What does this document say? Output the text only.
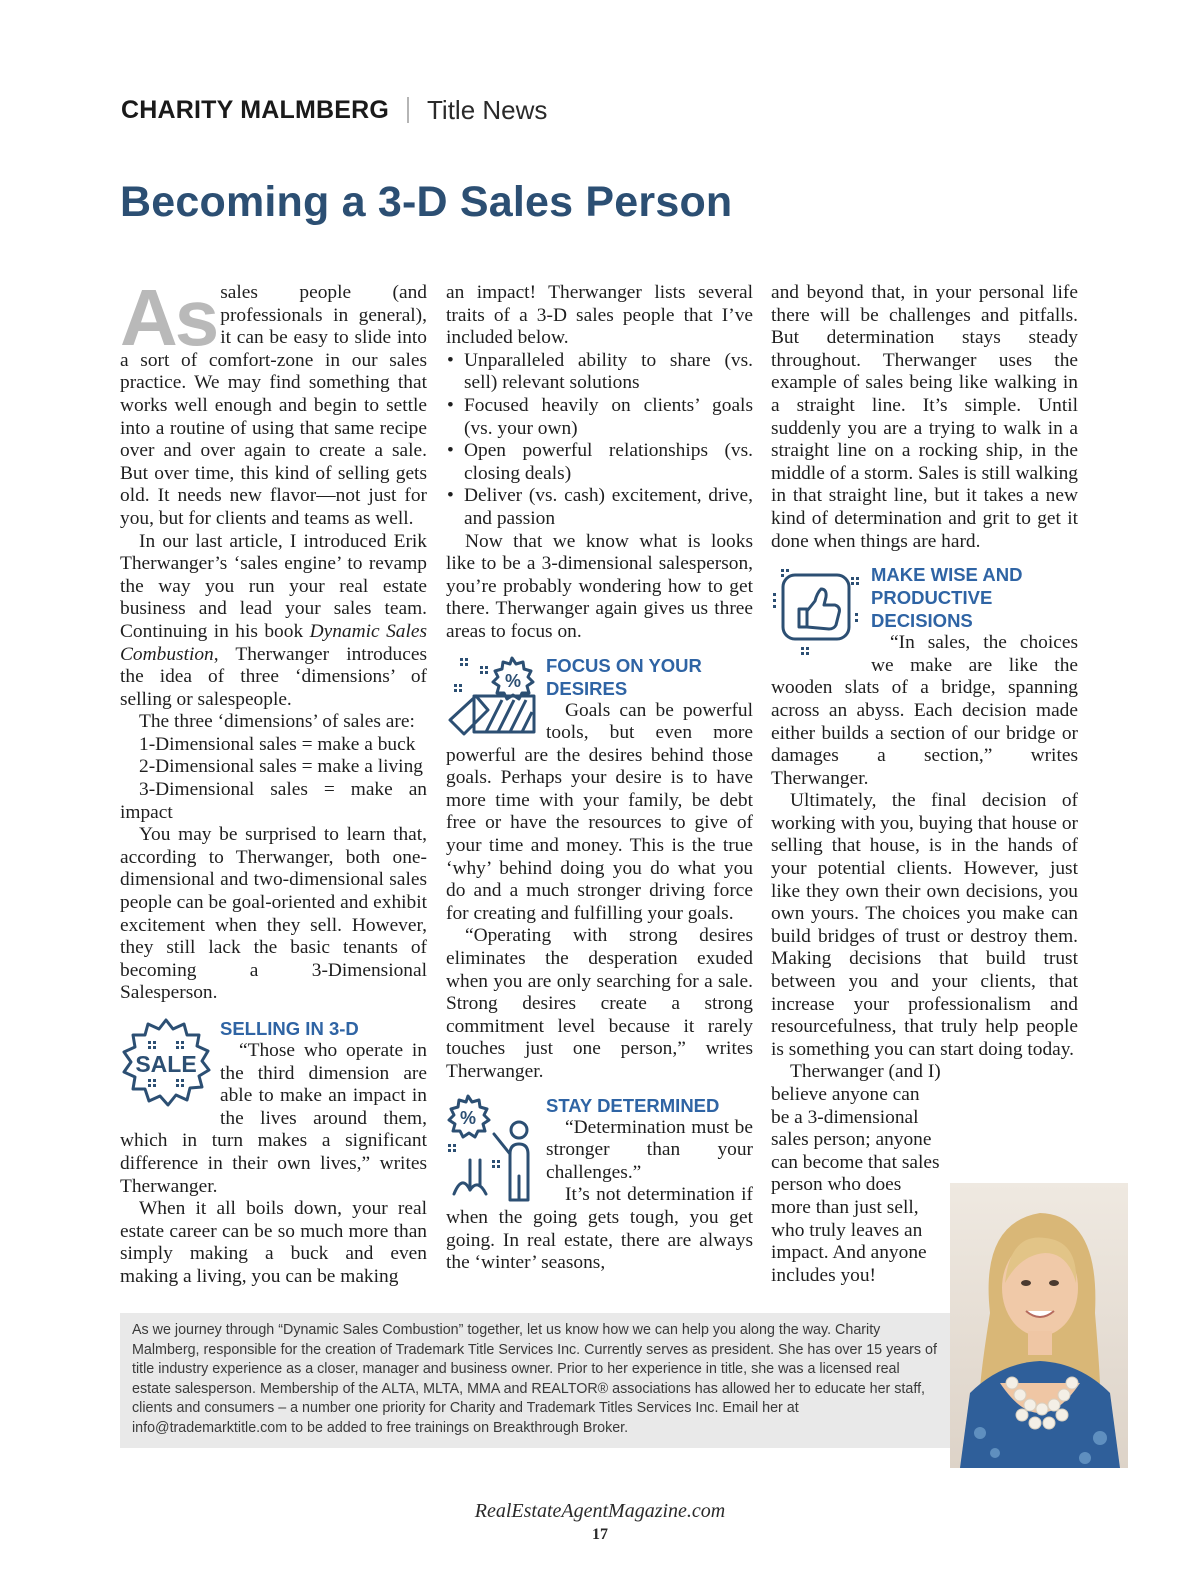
CHARITY MALMBERG Title News
Becoming a 3-D Sales Person
As sales people (and professionals in general), it can be easy to slide into a sort of comfort-zone in our sales practice. We may find something that works well enough and begin to settle into a routine of using that same recipe over and over again to create a sale. But over time, this kind of selling gets old. It needs new flavor—not just for you, but for clients and teams as well.

In our last article, I introduced Erik Therwanger’s ‘sales engine’ to revamp the way you run your real estate business and lead your sales team. Continuing in his book Dynamic Sales Combustion, Therwanger introduces the idea of three ‘dimensions’ of selling or salespeople.

The three ‘dimensions’ of sales are:

1-Dimensional sales = make a buck

2-Dimensional sales = make a living

3-Dimensional sales = make an impact

You may be surprised to learn that, according to Therwanger, both one-dimensional and two-dimensional sales people can be goal-oriented and exhibit excitement when they sell. However, they still lack the basic tenants of becoming a 3-Dimensional Salesperson.

SALE
SELLING IN 3-D

“Those who operate in the third dimension are able to make an impact in the lives around them, which in turn makes a significant difference in their own lives,” writes Therwanger.

When it all boils down, your real estate career can be so much more than simply making a buck and even making a living, you can be making

an impact! Therwanger lists several traits of a 3-D sales people that I’ve included below.

• Unparalleled ability to share (vs. sell) relevant solutions
• Focused heavily on clients’ goals (vs. your own)
• Open powerful relationships (vs. closing deals)
• Deliver (vs. cash) excitement, drive, and passion

Now that we know what is looks like to be a 3-dimensional salesperson, you’re probably wondering how to get there. Therwanger again gives us three areas to focus on.

%
FOCUS ON YOUR DESIRES

Goals can be powerful tools, but even more powerful are the desires behind those goals. Perhaps your desire is to have more time with your family, be debt free or have the resources to give of your time and money. This is the true ‘why’ behind doing you do what you do and a much stronger driving force for creating and fulfilling your goals.

“Operating with strong desires eliminates the desperation exuded when you are only searching for a sale. Strong desires create a strong commitment level because it rarely touches just one person,” writes Therwanger.

%
STAY DETERMINED

“Determination must be stronger than your challenges.”

It’s not determination if when the going gets tough, you get going. In real estate, there are always the ‘winter’ seasons,

and beyond that, in your personal life there will be challenges and pitfalls. But determination stays steady throughout. Therwanger uses the example of sales being like walking in a straight line. It’s simple. Until suddenly you are a trying to walk in a straight line on a rocking ship, in the middle of a storm. Sales is still walking in that straight line, but it takes a new kind of determination and grit to get it done when things are hard.

MAKE WISE AND PRODUCTIVE DECISIONS

“In sales, the choices we make are like the wooden slats of a bridge, spanning across an abyss. Each decision made either builds a section of our bridge or damages a section,” writes Therwanger.

Ultimately, the final decision of working with you, buying that house or selling that house, is in the hands of your potential clients. However, just like they own their own decisions, you own yours. The choices you make can build bridges of trust or destroy them. Making decisions that build trust between you and your clients, that increase your professionalism and resourcefulness, that truly help people is something you can start doing today.

Therwanger (and I) believe anyone can be a 3-dimensional sales person; anyone can become that sales person who does more than just sell, who truly leaves an impact. And anyone includes you!

As we journey through “Dynamic Sales Combustion” together, let us know how we can help you along the way. Charity Malmberg, responsible for the creation of Trademark Title Services Inc. Currently serves as president. She has over 15 years of title industry experience as a closer, manager and business owner. Prior to her experience in title, she was a licensed real estate salesperson. Membership of the ALTA, MLTA, MMA and REALTOR® associations has allowed her to educate her staff, clients and consumers – a number one priority for Charity and Trademark Titles Services Inc. Email her at info@trademarktitle.com to be added to free trainings on Breakthrough Broker.
RealEstateAgentMagazine.com
17
